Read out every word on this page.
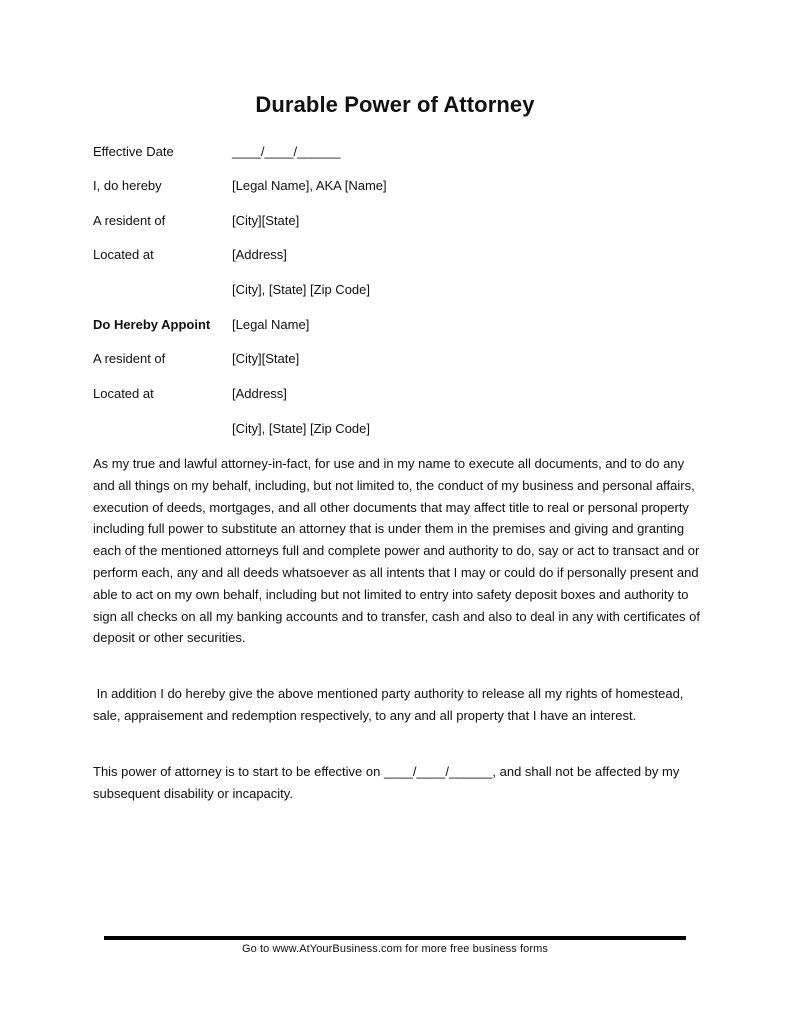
Durable Power of Attorney
Effective Date	____/____/______
I, do hereby	[Legal Name], AKA [Name]
A resident of	[City][State]
Located at	[Address]
[City], [State] [Zip Code]
Do Hereby Appoint [Legal Name]
A resident of	[City][State]
Located at	[Address]
[City], [State] [Zip Code]

As my true and lawful attorney-in-fact, for use and in my name to execute all documents, and to do any and all things on my behalf, including, but not limited to, the conduct of my business and personal affairs, execution of deeds, mortgages, and all other documents that may affect title to real or personal property including full power to substitute an attorney that is under them in the premises and giving and granting each of the mentioned attorneys full and complete power and authority to do, say or act to transact and or perform each, any and all deeds whatsoever as all intents that I may or could do if personally present and able to act on my own behalf, including but not limited to entry into safety deposit boxes and authority to sign all checks on all my banking accounts and to transfer, cash and also to deal in any with certificates of deposit or other securities.

In addition I do hereby give the above mentioned party authority to release all my rights of homestead, sale, appraisement and redemption respectively, to any and all property that I have an interest.

This power of attorney is to start to be effective on ____/____/______, and shall not be affected by my subsequent disability or incapacity.

Go to www.AtYourBusiness.com for more free business forms
